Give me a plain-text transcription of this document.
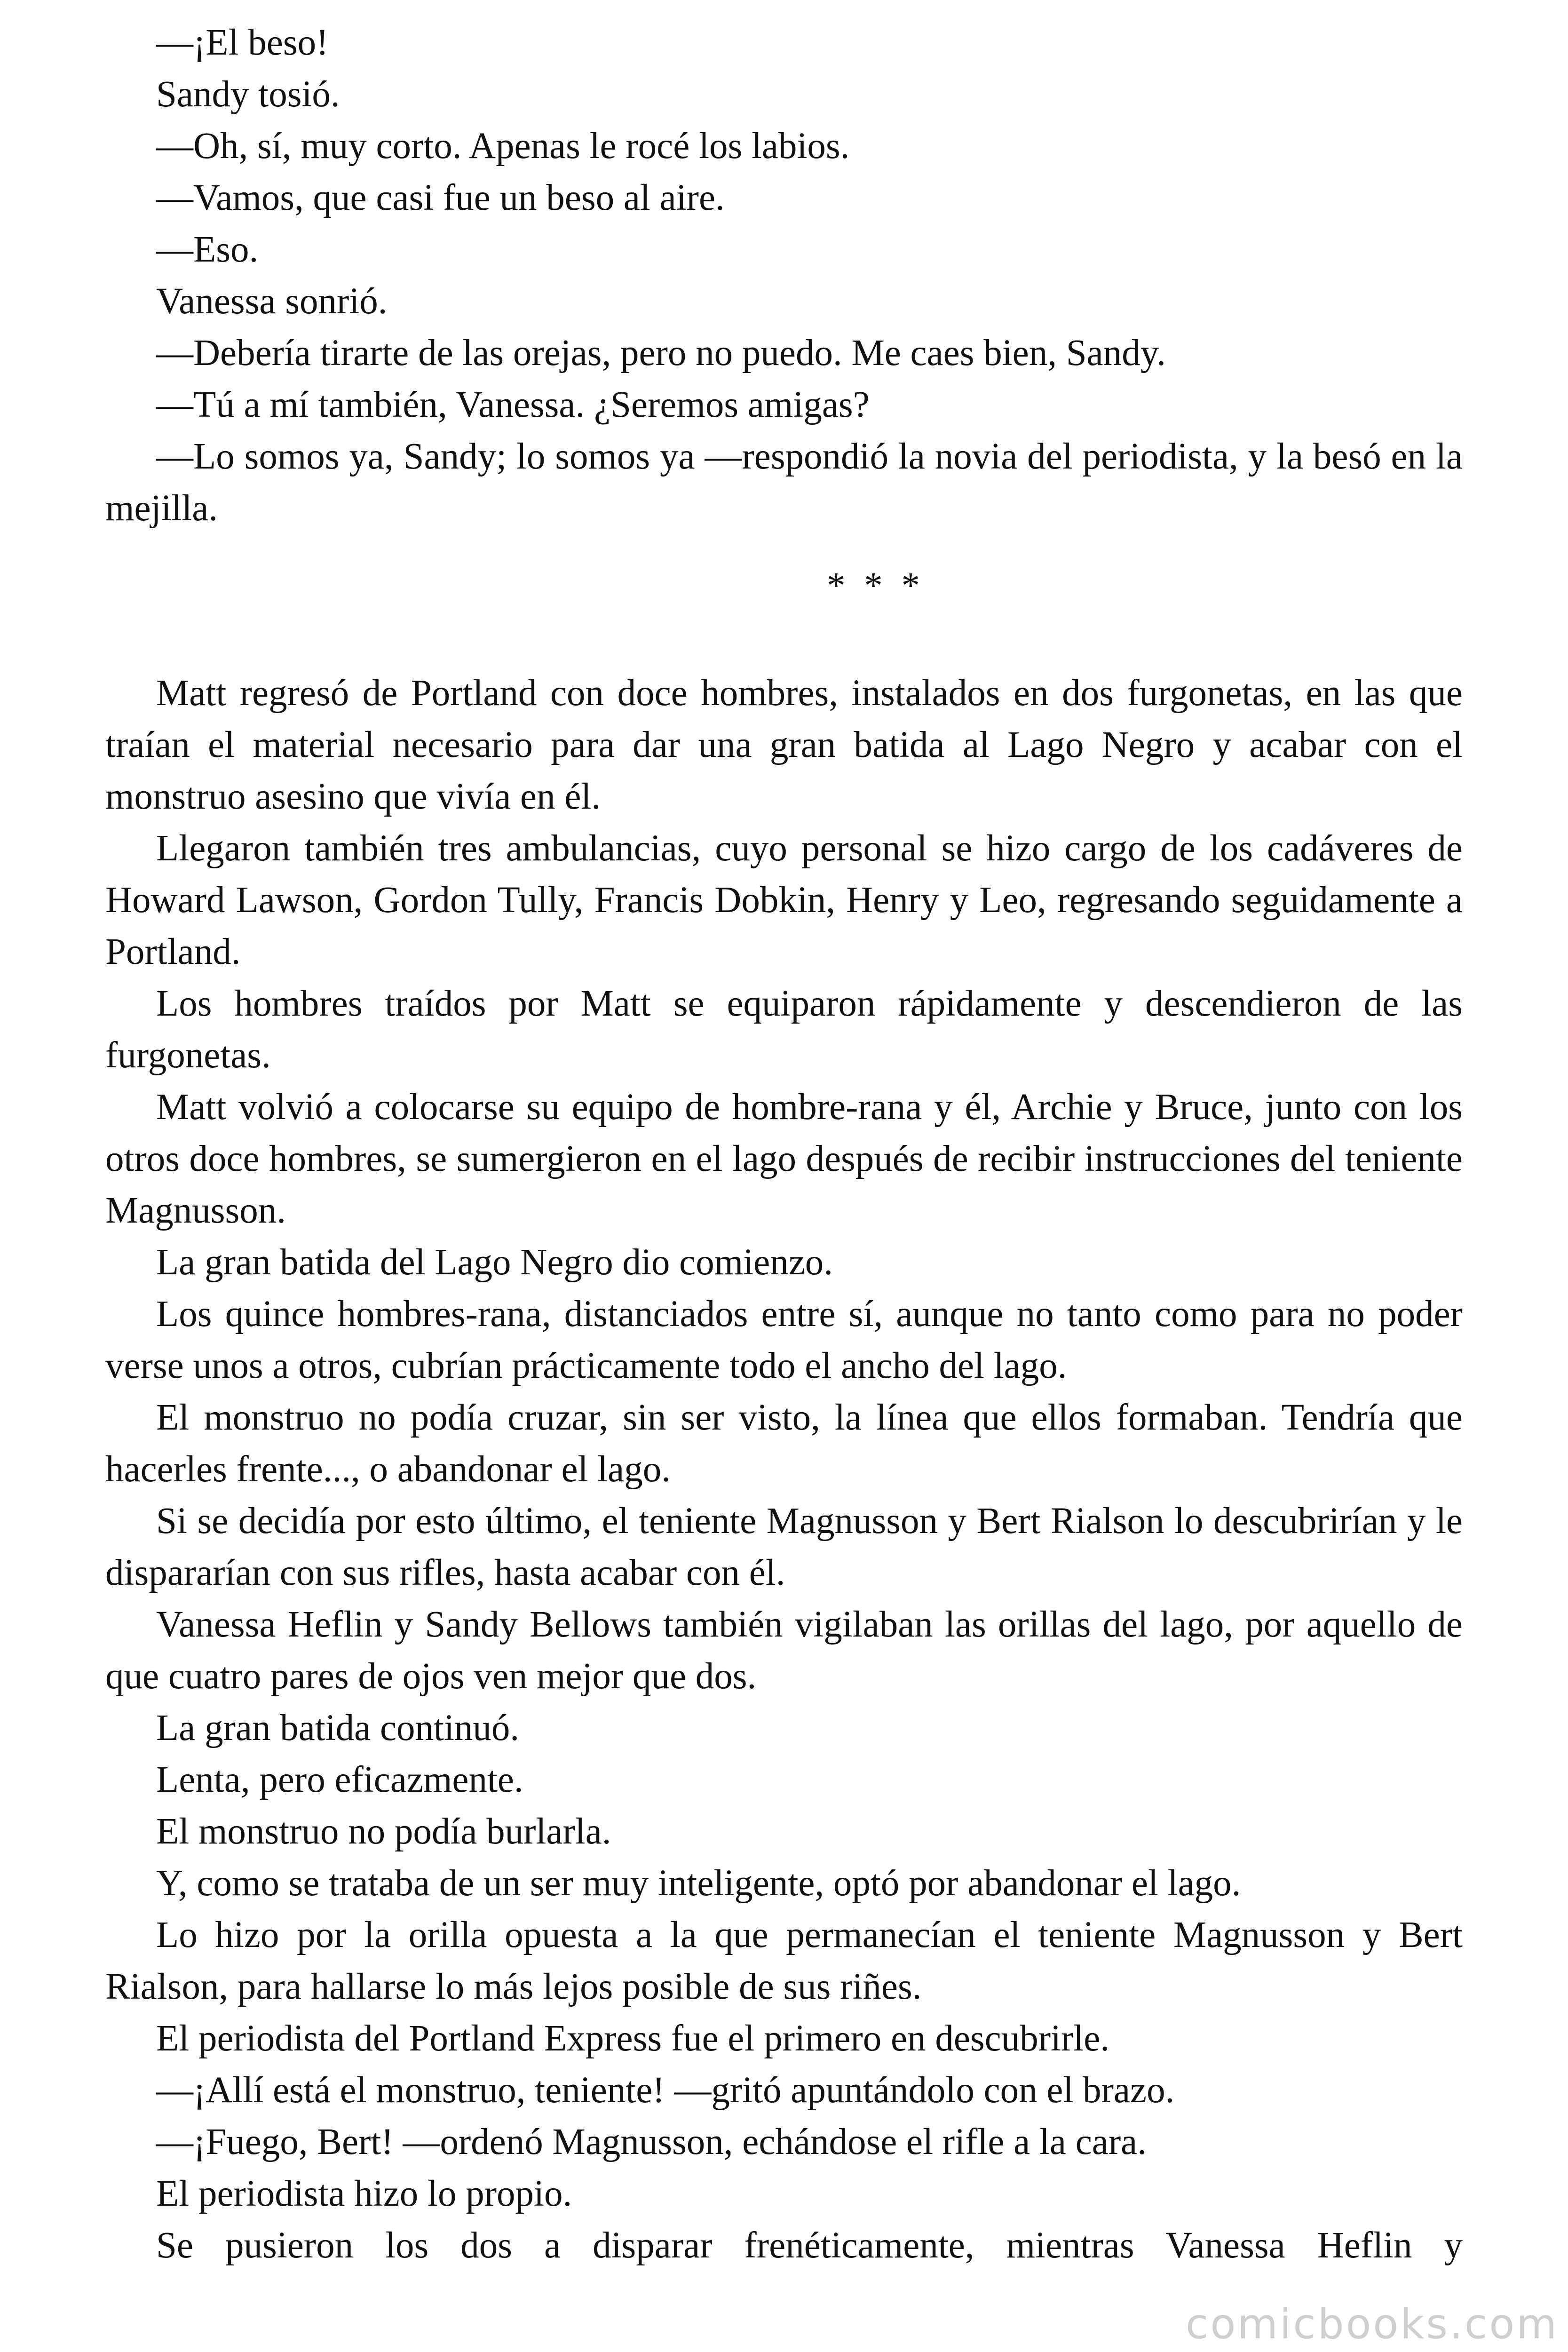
—¡El beso!

Sandy tosió.

—Oh, sí, muy corto. Apenas le rocé los labios.

—Vamos, que casi fue un beso al aire.

—Eso.

Vanessa sonrió.

—Debería tirarte de las orejas, pero no puedo. Me caes bien, Sandy.

—Tú a mí también, Vanessa. ¿Seremos amigas?

—Lo somos ya, Sandy; lo somos ya —respondió la novia del periodista, y la besó en la mejilla.

* * *

Matt regresó de Portland con doce hombres, instalados en dos furgonetas, en las que traían el material necesario para dar una gran batida al Lago Negro y acabar con el monstruo asesino que vivía en él.

Llegaron también tres ambulancias, cuyo personal se hizo cargo de los cadáveres de Howard Lawson, Gordon Tully, Francis Dobkin, Henry y Leo, regresando seguidamente a Portland.

Los hombres traídos por Matt se equiparon rápidamente y descendieron de las furgonetas.

Matt volvió a colocarse su equipo de hombre-rana y él, Archie y Bruce, junto con los otros doce hombres, se sumergieron en el lago después de recibir instrucciones del teniente Magnusson.

La gran batida del Lago Negro dio comienzo.

Los quince hombres-rana, distanciados entre sí, aunque no tanto como para no poder verse unos a otros, cubrían prácticamente todo el ancho del lago.

El monstruo no podía cruzar, sin ser visto, la línea que ellos formaban. Tendría que hacerles frente..., o abandonar el lago.

Si se decidía por esto último, el teniente Magnusson y Bert Rialson lo descubrirían y le dispararían con sus rifles, hasta acabar con él.

Vanessa Heflin y Sandy Bellows también vigilaban las orillas del lago, por aquello de que cuatro pares de ojos ven mejor que dos.

La gran batida continuó.

Lenta, pero eficazmente.

El monstruo no podía burlarla.

Y, como se trataba de un ser muy inteligente, optó por abandonar el lago.

Lo hizo por la orilla opuesta a la que permanecían el teniente Magnusson y Bert Rialson, para hallarse lo más lejos posible de sus riñes.

El periodista del Portland Express fue el primero en descubrirle.

—¡Allí está el monstruo, teniente! —gritó apuntándolo con el brazo.

—¡Fuego, Bert! —ordenó Magnusson, echándose el rifle a la cara.

El periodista hizo lo propio.

Se pusieron los dos a disparar frenéticamente, mientras Vanessa Heflin y

comicbooks.com
